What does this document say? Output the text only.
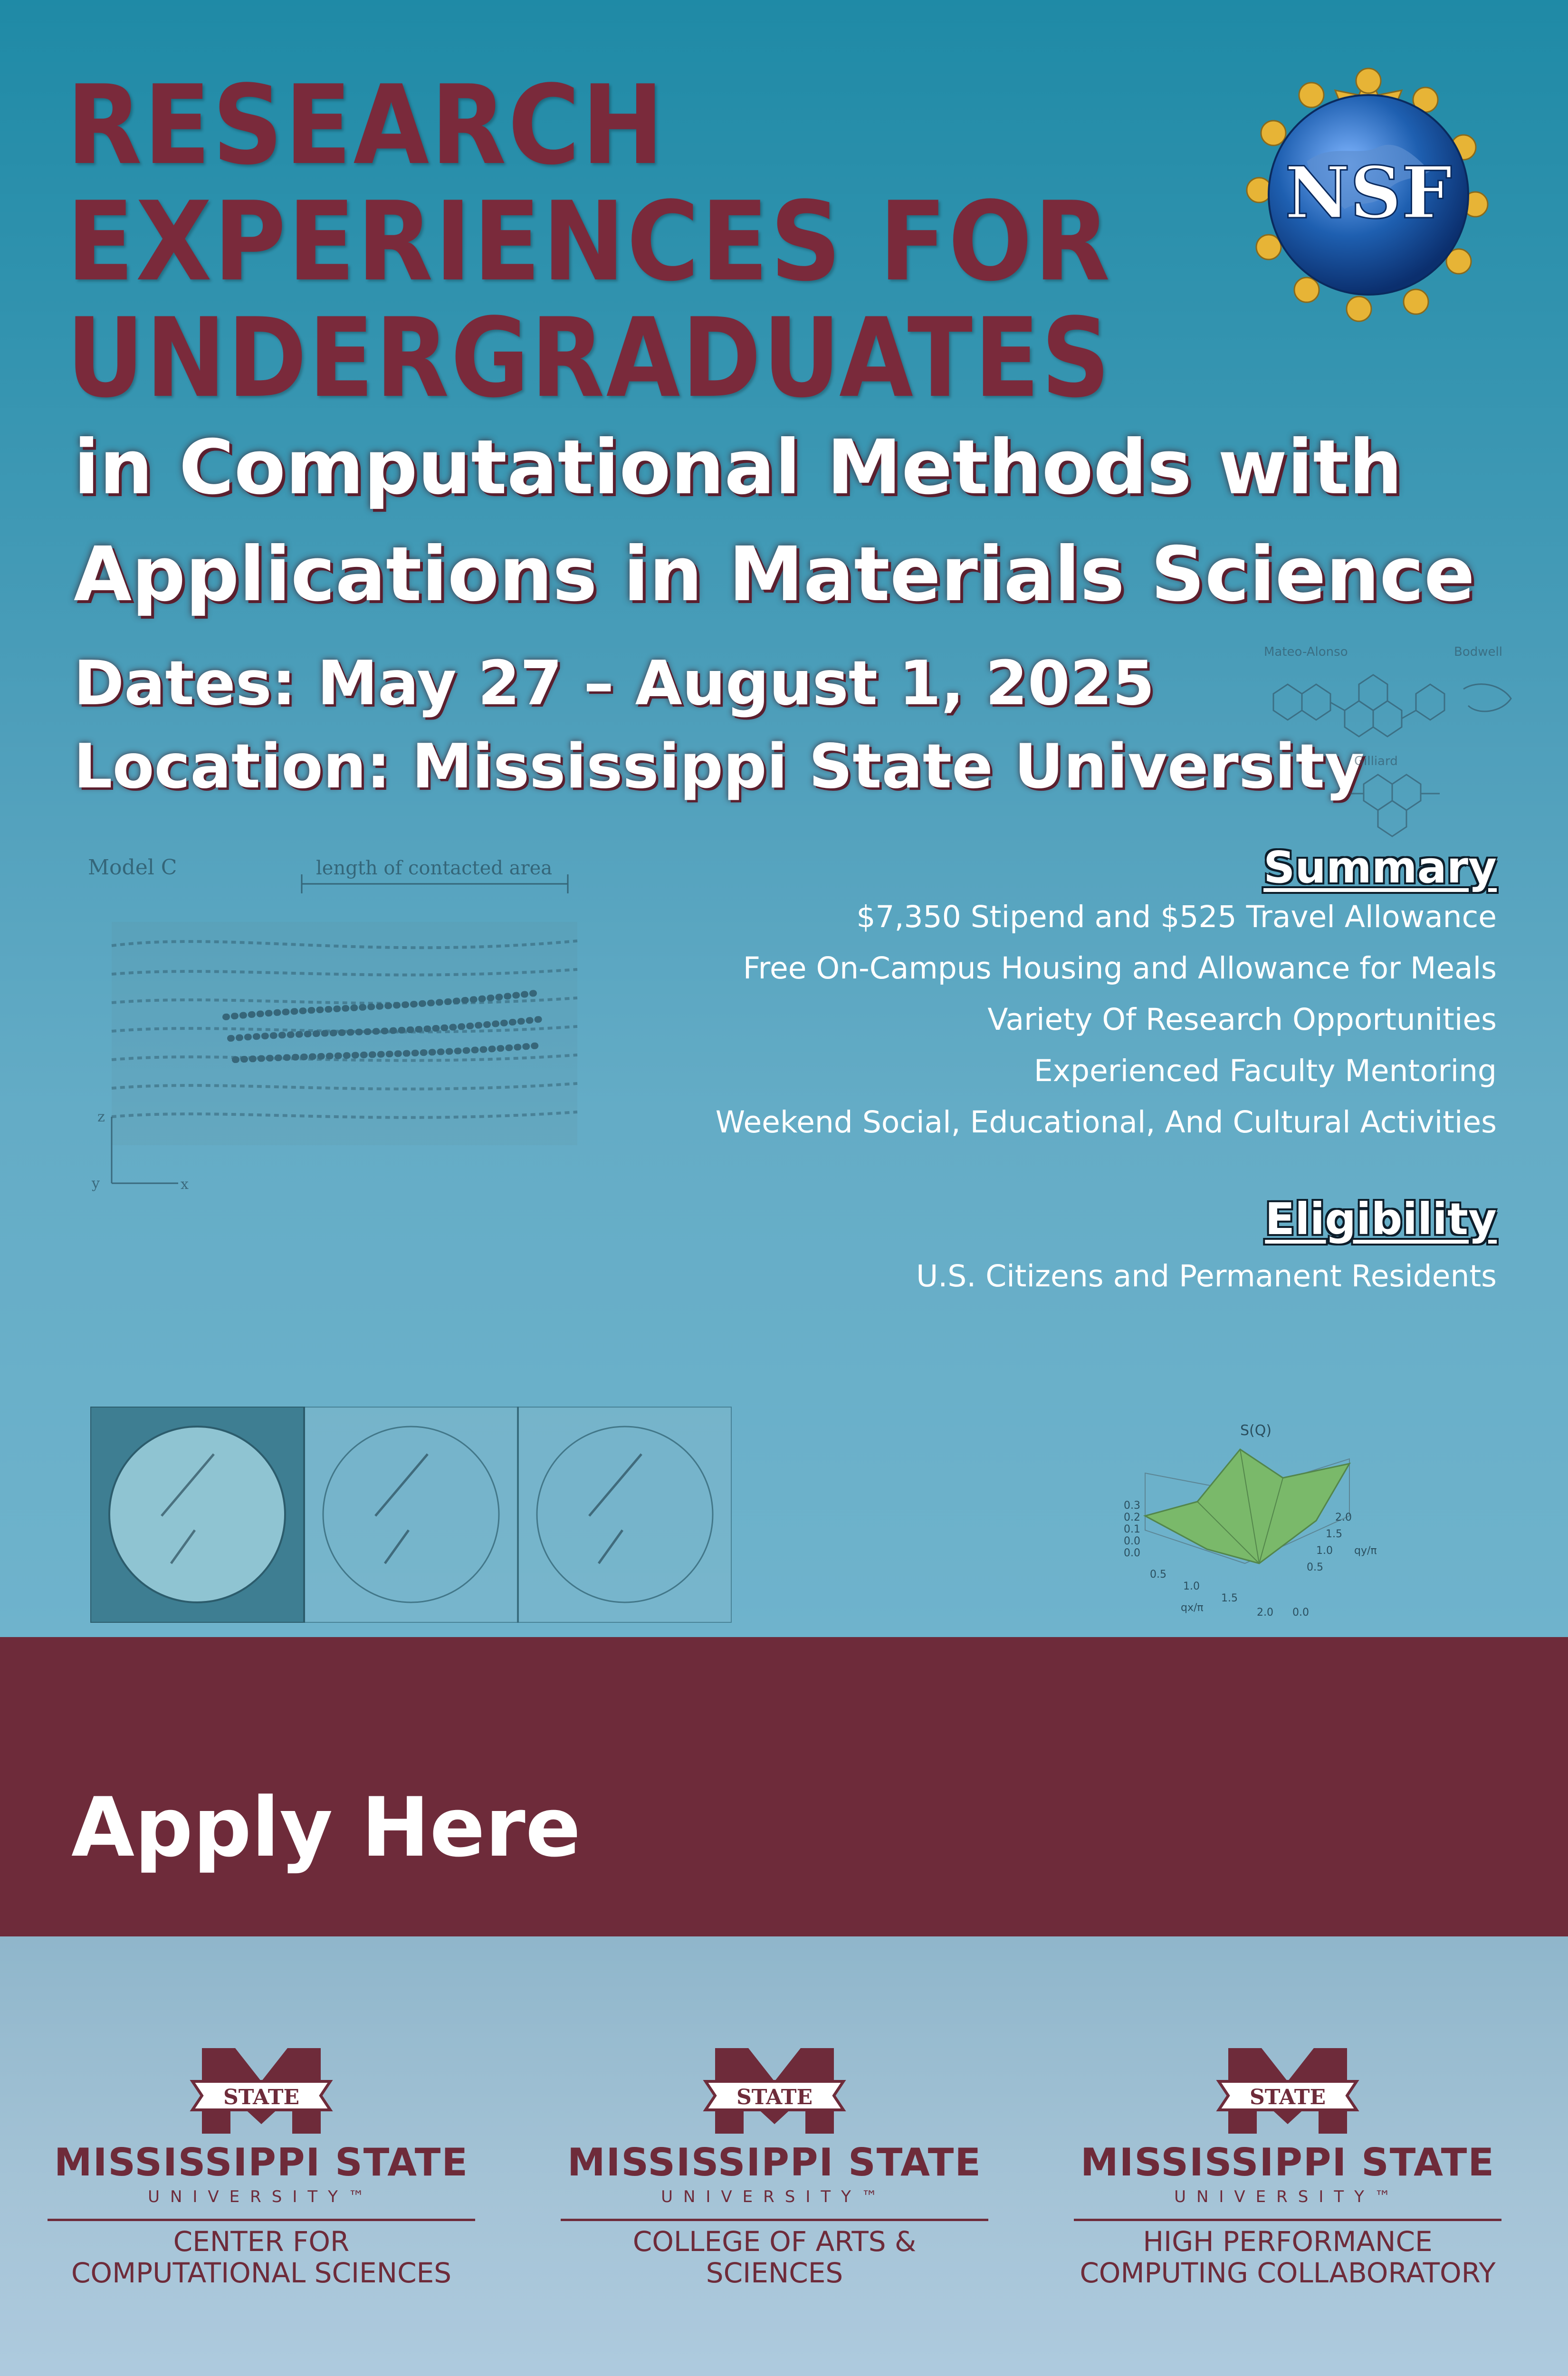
RESEARCH
EXPERIENCES FOR
UNDERGRADUATES
in Computational Methods with
Applications in Materials Science

Dates: May 27 – August 1, 2025

Location: Mississippi State University

NSF
Mateo-Alonso	Bodwell
Gilliard
Model C	length of contacted area
z
y	x
Summary
$7,350 Stipend and $525 Travel Allowance
Free On-Campus Housing and Allowance for Meals
Variety Of Research Opportunities
Experienced Faculty Mentoring
Weekend Social, Educational, And Cultural Activities
Eligibility
U.S. Citizens and Permanent Residents
S(Q)
0.3
0.2
0.1
0.0
0.0
0.5
1.0
1.5
2.0
2.0
1.5
1.0
0.5
0.0
qx/π
qy/π

Apply Here
STATE

MISSISSIPPI STATE

UNIVERSITY™

CENTER FOR

COMPUTATIONAL SCIENCES

STATE

MISSISSIPPI STATE

UNIVERSITY™

COLLEGE OF ARTS & SCIENCES

STATE

MISSISSIPPI STATE

UNIVERSITY™

HIGH PERFORMANCE

COMPUTING COLLABORATORY
